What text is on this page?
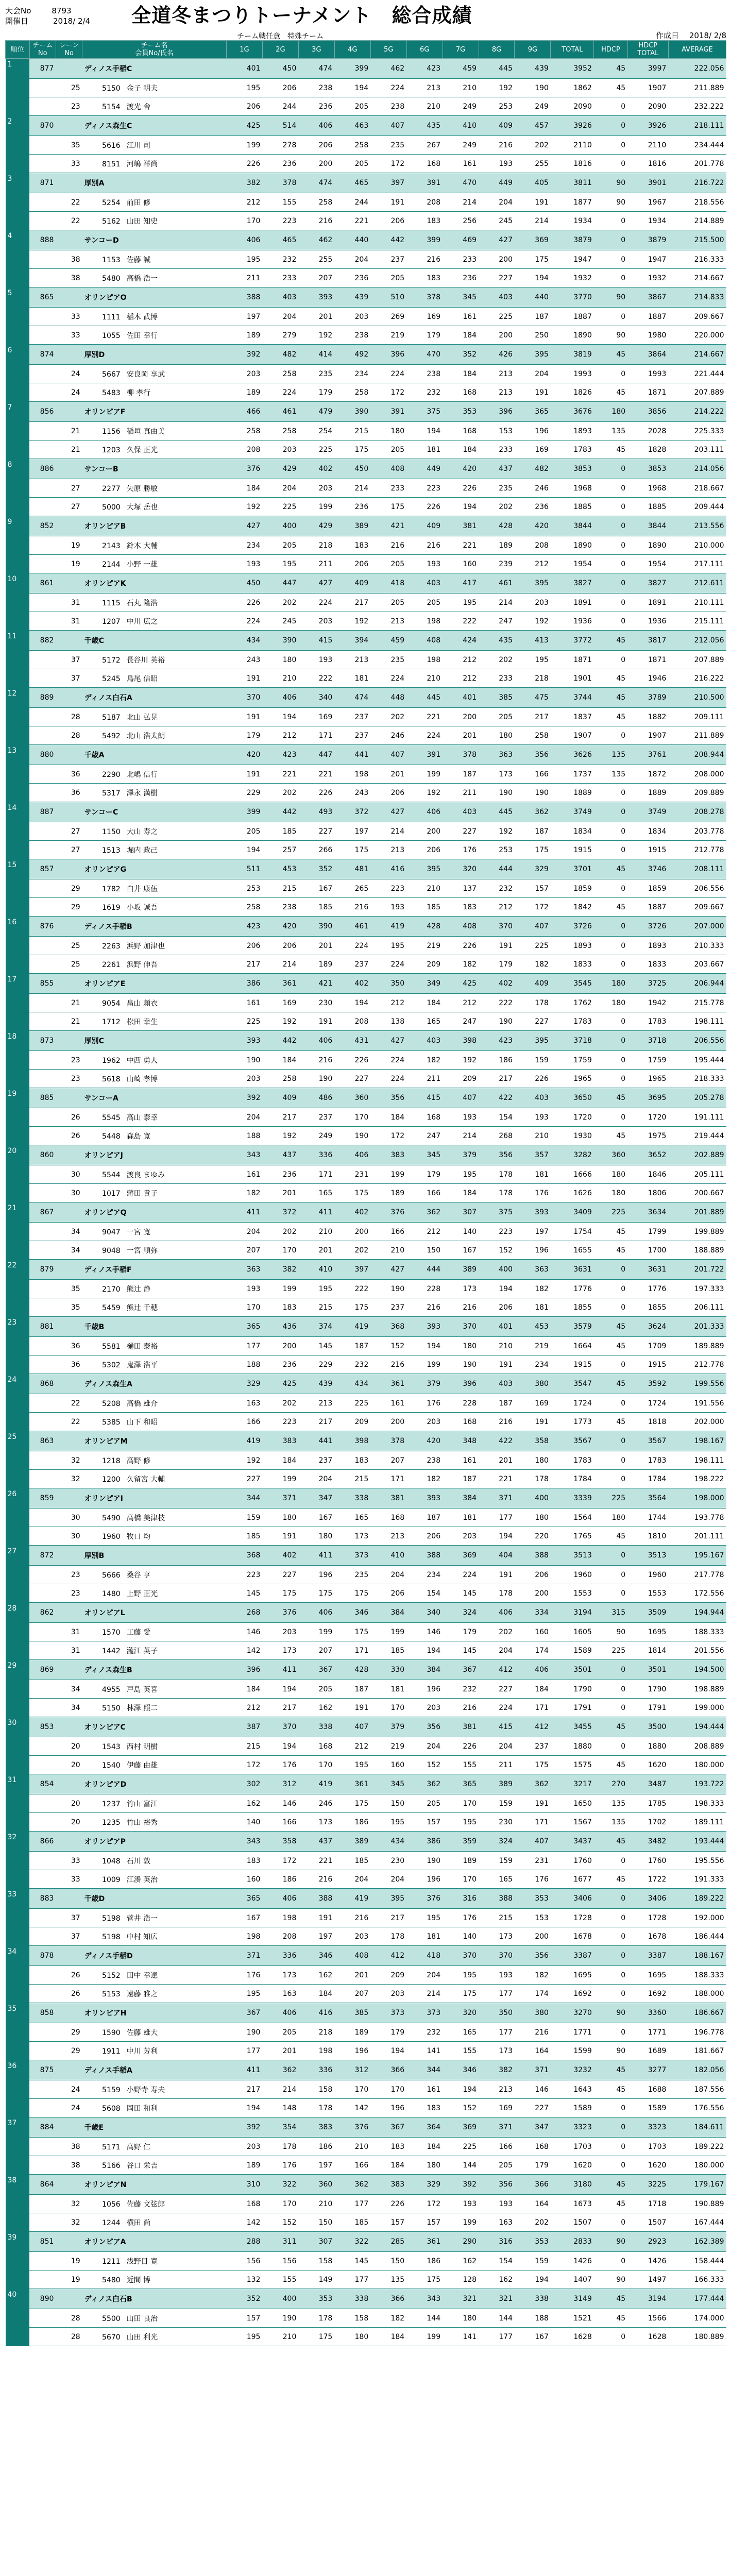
大会No	8793
開催日	2018/ 2/4 全道冬まつりトーナメント　総合成績
チーム戦任意　特殊チーム	作成日 2018/ 2/8
順位	チーム
No	レーン
No	チーム名
会員No/氏名	1G	2G	3G	4G	5G	6G	7G	8G	9G	TOTAL	HDCP	HDCP
TOTAL	AVERAGE
1	877		ディノス手稲C	401	450	474	399	462	423	459	445	439	3952	45	3997	222.056
		25	5150 金子 明夫	195	206	238	194	224	213	210	192	190	1862	45	1907	211.889
		23	5154 渡光 舎	206	244	236	205	238	210	249	253	249	2090	0	2090	232.222
2	870		ディノス森生C	425	514	406	463	407	435	410	409	457	3926	0	3926	218.111
		35	5616 江川 司	199	278	206	258	235	267	249	216	202	2110	0	2110	234.444
		33	8151 河嶋 祥尚	226	236	200	205	172	168	161	193	255	1816	0	1816	201.778
3	871		厚別A	382	378	474	465	397	391	470	449	405	3811	90	3901	216.722
		22	5254 前田 修	212	155	258	244	191	208	214	204	191	1877	90	1967	218.556
		22	5162 山田 知史	170	223	216	221	206	183	256	245	214	1934	0	1934	214.889
4	888		サンコーD	406	465	462	440	442	399	469	427	369	3879	0	3879	215.500
		38	1153 佐藤 誠	195	232	255	204	237	216	233	200	175	1947	0	1947	216.333
		38	5480 高橋 浩一	211	233	207	236	205	183	236	227	194	1932	0	1932	214.667
5	865		オリンピアO	388	403	393	439	510	378	345	403	440	3770	90	3867	214.833
		33	1111 稲木 武博	197	204	201	203	269	169	161	225	187	1887	0	1887	209.667
		33	1055 佐田 幸行	189	279	192	238	219	179	184	200	250	1890	90	1980	220.000
6	874		厚別D	392	482	414	492	396	470	352	426	395	3819	45	3864	214.667
		24	5667 安良岡 享武	203	258	235	234	224	238	184	213	204	1993	0	1993	221.444
		24	5483 柳 孝行	189	224	179	258	172	232	168	213	191	1826	45	1871	207.889
7	856		オリンピアF	466	461	479	390	391	375	353	396	365	3676	180	3856	214.222
		21	1156 稲垣 真由美	258	258	254	215	180	194	168	153	196	1893	135	2028	225.333
		21	1203 久保 正光	208	203	225	175	205	181	184	233	169	1783	45	1828	203.111
8	886		サンコーB	376	429	402	450	408	449	420	437	482	3853	0	3853	214.056
		27	2277 矢原 勝敏	184	204	203	214	233	223	226	235	246	1968	0	1968	218.667
		27	5000 大塚 岳也	192	225	199	236	175	226	194	202	236	1885	0	1885	209.444
9	852		オリンピアB	427	400	429	389	421	409	381	428	420	3844	0	3844	213.556
		19	2143 鈴木 大輔	234	205	218	183	216	216	221	189	208	1890	0	1890	210.000
		19	2144 小野 一雄	193	195	211	206	205	193	160	239	212	1954	0	1954	217.111
10	861		オリンピアK	450	447	427	409	418	403	417	461	395	3827	0	3827	212.611
		31	1115 石丸 隆浩	226	202	224	217	205	205	195	214	203	1891	0	1891	210.111
		31	1207 中川 広之	224	245	203	192	213	198	222	247	192	1936	0	1936	215.111
11	882		千歳C	434	390	415	394	459	408	424	435	413	3772	45	3817	212.056
		37	5172 長谷川 英裕	243	180	193	213	235	198	212	202	195	1871	0	1871	207.889
		37	5245 鳥尾 信昭	191	210	222	181	224	210	212	233	218	1901	45	1946	216.222
12	889		ディノス白石A	370	406	340	474	448	445	401	385	475	3744	45	3789	210.500
		28	5187 北山 弘晃	191	194	169	237	202	221	200	205	217	1837	45	1882	209.111
		28	5492 北山 浩太朗	179	212	171	237	246	224	201	180	258	1907	0	1907	211.889
13	880		千歳A	420	423	447	441	407	391	378	363	356	3626	135	3761	208.944
		36	2290 北嶋 信行	191	221	221	198	201	199	187	173	166	1737	135	1872	208.000
		36	5317 澤永 満樹	229	202	226	243	206	192	211	190	190	1889	0	1889	209.889
14	887		サンコーC	399	442	493	372	427	406	403	445	362	3749	0	3749	208.278
		27	1150 大山 寿之	205	185	227	197	214	200	227	192	187	1834	0	1834	203.778
		27	1513 堀内 政己	194	257	266	175	213	206	176	253	175	1915	0	1915	212.778
15	857		オリンピアG	511	453	352	481	416	395	320	444	329	3701	45	3746	208.111
		29	1782 白井 康伍	253	215	167	265	223	210	137	232	157	1859	0	1859	206.556
		29	1619 小坂 誠吾	258	238	185	216	193	185	183	212	172	1842	45	1887	209.667
16	876		ディノス手稲B	423	420	390	461	419	428	408	370	407	3726	0	3726	207.000
		25	2263 浜野 加津也	206	206	201	224	195	219	226	191	225	1893	0	1893	210.333
		25	2261 浜野 伸吾	217	214	189	237	224	209	182	179	182	1833	0	1833	203.667
17	855		オリンピアE	386	361	421	402	350	349	425	402	409	3545	180	3725	206.944
		21	9054 畠山 頼衣	161	169	230	194	212	184	212	222	178	1762	180	1942	215.778
		21	1712 松田 幸生	225	192	191	208	138	165	247	190	227	1783	0	1783	198.111
18	873		厚別C	393	442	406	431	427	403	398	423	395	3718	0	3718	206.556
		23	1962 中西 勇人	190	184	216	226	224	182	192	186	159	1759	0	1759	195.444
		23	5618 山崎 孝博	203	258	190	227	224	211	209	217	226	1965	0	1965	218.333
19	885		サンコーA	392	409	486	360	356	415	407	422	403	3650	45	3695	205.278
		26	5545 高山 泰幸	204	217	237	170	184	168	193	154	193	1720	0	1720	191.111
		26	5448 森島 寛	188	192	249	190	172	247	214	268	210	1930	45	1975	219.444
20	860		オリンピアJ	343	437	336	406	383	345	379	356	357	3282	360	3652	202.889
		30	5544 渡良 まゆみ	161	236	171	231	199	179	195	178	181	1666	180	1846	205.111
		30	1017 蔣田 貴子	182	201	165	175	189	166	184	178	176	1626	180	1806	200.667
21	867		オリンピアQ	411	372	411	402	376	362	307	375	393	3409	225	3634	201.889
		34	9047 一宮 寛	204	202	210	200	166	212	140	223	197	1754	45	1799	199.889
		34	9048 一宮 順弥	207	170	201	202	210	150	167	152	196	1655	45	1700	188.889
22	879		ディノス手稲F	363	382	410	397	427	444	389	400	363	3631	0	3631	201.722
		35	2170 熊辻 静	193	199	195	222	190	228	173	194	182	1776	0	1776	197.333
		35	5459 熊辻 千穂	170	183	215	175	237	216	216	206	181	1855	0	1855	206.111
23	881		千歳B	365	436	374	419	368	393	370	401	453	3579	45	3624	201.333
		36	5581 樋田 泰裕	177	200	145	187	152	194	180	210	219	1664	45	1709	189.889
		36	5302 鬼澤 浩平	188	236	229	232	216	199	190	191	234	1915	0	1915	212.778
24	868		ディノス森生A	329	425	439	434	361	379	396	403	380	3547	45	3592	199.556
		22	5208 髙橋 雄介	163	202	213	225	161	176	228	187	169	1724	0	1724	191.556
		22	5385 山下 和昭	166	223	217	209	200	203	168	216	191	1773	45	1818	202.000
25	863		オリンピアM	419	383	441	398	378	420	348	422	358	3567	0	3567	198.167
		32	1218 高野 修	192	184	237	183	207	238	161	201	180	1783	0	1783	198.111
		32	1200 久留宮 大輔	227	199	204	215	171	182	187	221	178	1784	0	1784	198.222
26	859		オリンピアI	344	371	347	338	381	393	384	371	400	3339	225	3564	198.000
		30	5490 高橋 美津枝	159	180	167	165	168	187	181	177	180	1564	180	1744	193.778
		30	1960 牧口 均	185	191	180	173	213	206	203	194	220	1765	45	1810	201.111
27	872		厚別B	368	402	411	373	410	388	369	404	388	3513	0	3513	195.167
		23	5666 桑谷 亨	223	227	196	235	204	234	224	191	206	1960	0	1960	217.778
		23	1480 上野 正光	145	175	175	175	206	154	145	178	200	1553	0	1553	172.556
28	862		オリンピアL	268	376	406	346	384	340	324	406	334	3194	315	3509	194.944
		31	1570 工藤 愛	146	203	199	175	199	146	179	202	160	1605	90	1695	188.333
		31	1442 瀧江 英子	142	173	207	171	185	194	145	204	174	1589	225	1814	201.556
29	869		ディノス森生B	396	411	367	428	330	384	367	412	406	3501	0	3501	194.500
		34	4955 戸島 英喜	184	194	205	187	181	196	232	227	184	1790	0	1790	198.889
		34	5150 林澤 照二	212	217	162	191	170	203	216	224	171	1791	0	1791	199.000
30	853		オリンピアC	387	370	338	407	379	356	381	415	412	3455	45	3500	194.444
		20	1543 西村 明樹	215	194	168	212	219	204	226	204	237	1880	0	1880	208.889
		20	1540 伊藤 由雄	172	176	170	195	160	152	155	211	175	1575	45	1620	180.000
31	854		オリンピアD	302	312	419	361	345	362	365	389	362	3217	270	3487	193.722
		20	1237 竹山 富江	162	146	246	175	150	205	170	159	191	1650	135	1785	198.333
		20	1235 竹山 裕秀	140	166	173	186	195	157	195	230	171	1567	135	1702	189.111
32	866		オリンピアP	343	358	437	389	434	386	359	324	407	3437	45	3482	193.444
		33	1048 石川 敦	183	172	221	185	230	190	189	159	231	1760	0	1760	195.556
		33	1009 江湊 英治	160	186	216	204	204	196	170	165	176	1677	45	1722	191.333
33	883		千歳D	365	406	388	419	395	376	316	388	353	3406	0	3406	189.222
		37	5198 菅井 浩一	167	198	191	216	217	195	176	215	153	1728	0	1728	192.000
		37	5198 中村 知広	198	208	197	203	178	181	140	173	200	1678	0	1678	186.444
34	878		ディノス手稲D	371	336	346	408	412	418	370	370	356	3387	0	3387	188.167
		26	5152 田中 幸達	176	173	162	201	209	204	195	193	182	1695	0	1695	188.333
		26	5153 遠藤 雅之	195	163	184	207	203	214	175	177	174	1692	0	1692	188.000
35	858		オリンピアH	367	406	416	385	373	373	320	350	380	3270	90	3360	186.667
		29	1590 佐藤 雄大	190	205	218	189	179	232	165	177	216	1771	0	1771	196.778
		29	1911 中川 芳利	177	201	198	196	194	141	155	173	164	1599	90	1689	181.667
36	875		ディノス手稲A	411	362	336	312	366	344	346	382	371	3232	45	3277	182.056
		24	5159 小野寺 寿夫	217	214	158	170	170	161	194	213	146	1643	45	1688	187.556
		24	5608 岡田 和利	194	148	178	142	196	183	152	169	227	1589	0	1589	176.556
37	884		千歳E	392	354	383	376	367	364	369	371	347	3323	0	3323	184.611
		38	5171 高野 仁	203	178	186	210	183	184	225	166	168	1703	0	1703	189.222
		38	5166 谷口 栄吉	189	176	197	166	184	180	144	205	179	1620	0	1620	180.000
38	864		オリンピアN	310	322	360	362	383	329	392	356	366	3180	45	3225	179.167
		32	1056 佐藤 文弦郎	168	170	210	177	226	172	193	193	164	1673	45	1718	190.889
		32	1244 横田 尚	142	152	150	185	157	157	199	163	202	1507	0	1507	167.444
39	851		オリンピアA	288	311	307	322	285	361	290	316	353	2833	90	2923	162.389
		19	1211 浅野目 寛	156	156	158	145	150	186	162	154	159	1426	0	1426	158.444
		19	5480 近間 博	132	155	149	177	135	175	128	162	194	1407	90	1497	166.333
40	890		ディノス白石B	352	400	353	338	366	343	321	321	338	3149	45	3194	177.444
		28	5500 山田 良治	157	190	178	158	182	144	180	144	188	1521	45	1566	174.000
		28	5670 山田 利光	195	210	175	180	184	199	141	177	167	1628	0	1628	180.889
